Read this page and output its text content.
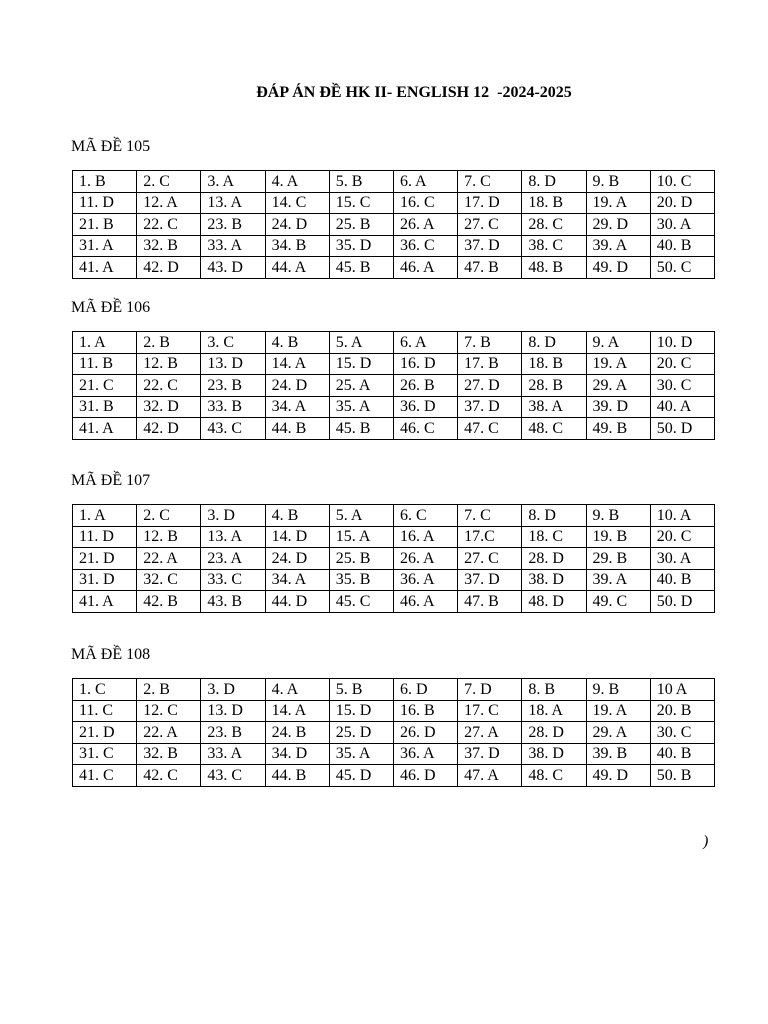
ĐÁP ÁN ĐỀ HK II- ENGLISH 12  -2024-2025
MÃ ĐỀ 105
1. B	2. C	3. A	4. A	5. B	6. A	7. C	8. D	9. B	10. C
11. D	12. A	13. A	14. C	15. C	16. C	17. D	18. B	19. A	20. D
21. B	22. C	23. B	24. D	25. B	26. A	27. C	28. C	29. D	30. A
31. A	32. B	33. A	34. B	35. D	36. C	37. D	38. C	39. A	40. B
41. A	42. D	43. D	44. A	45. B	46. A	47. B	48. B	49. D	50. C
MÃ ĐỀ 106
1. A	2. B	3. C	4. B	5. A	6. A	7. B	8. D	9. A	10. D
11. B	12. B	13. D	14. A	15. D	16. D	17. B	18. B	19. A	20. C
21. C	22. C	23. B	24. D	25. A	26. B	27. D	28. B	29. A	30. C
31. B	32. D	33. B	34. A	35. A	36. D	37. D	38. A	39. D	40. A
41. A	42. D	43. C	44. B	45. B	46. C	47. C	48. C	49. B	50. D
MÃ ĐỀ 107
1. A	2. C	3. D	4. B	5. A	6. C	7. C	8. D	9. B	10. A
11. D	12. B	13. A	14. D	15. A	16. A	17.C	18. C	19. B	20. C
21. D	22. A	23. A	24. D	25. B	26. A	27. C	28. D	29. B	30. A
31. D	32. C	33. C	34. A	35. B	36. A	37. D	38. D	39. A	40. B
41. A	42. B	43. B	44. D	45. C	46. A	47. B	48. D	49. C	50. D
MÃ ĐỀ 108
1. C	2. B	3. D	4. A	5. B	6. D	7. D	8. B	9. B	10 A
11. C	12. C	13. D	14. A	15. D	16. B	17. C	18. A	19. A	20. B
21. D	22. A	23. B	24. B	25. D	26. D	27. A	28. D	29. A	30. C
31. C	32. B	33. A	34. D	35. A	36. A	37. D	38. D	39. B	40. B
41. C	42. C	43. C	44. B	45. D	46. D	47. A	48. C	49. D	50. B
)
